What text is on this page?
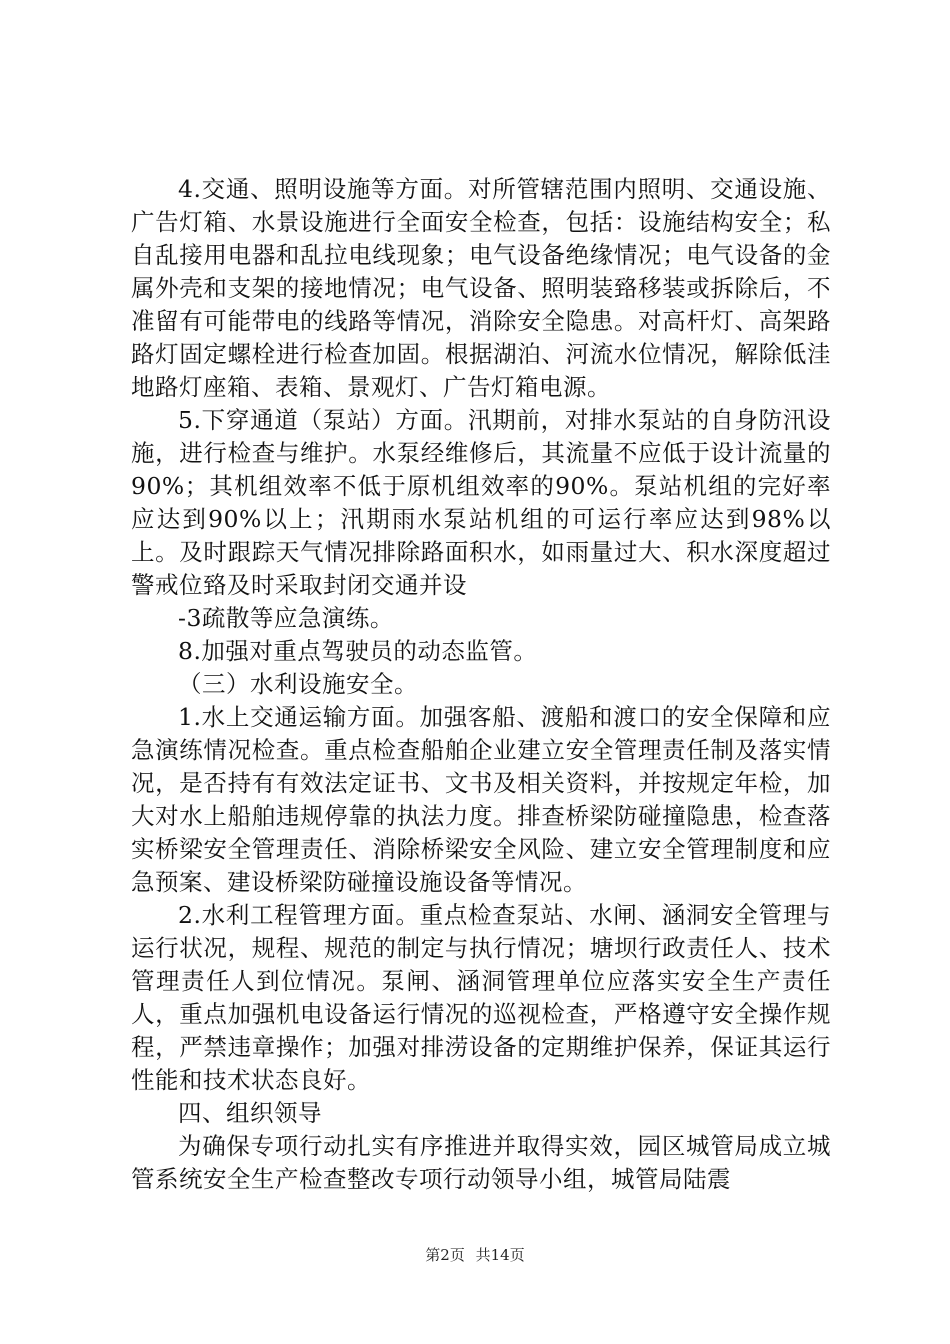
4.交通、照明设施等方面。对所管辖范围内照明、交通设施、广告灯箱、水景设施进行全面安全检查，包括：设施结构安全；私自乱接用电器和乱拉电线现象；电气设备绝缘情况；电气设备的金属外壳和支架的接地情况；电气设备、照明装臵移装或拆除后，不准留有可能带电的线路等情况，消除安全隐患。对高杆灯、高架路路灯固定螺栓进行检查加固。根据湖泊、河流水位情况，解除低洼地路灯座箱、表箱、景观灯、广告灯箱电源。

5.下穿通道（泵站）方面。汛期前，对排水泵站的自身防汛设施，进行检查与维护。水泵经维修后，其流量不应低于设计流量的90%；其机组效率不低于原机组效率的90%。泵站机组的完好率应达到90%以上；汛期雨水泵站机组的可运行率应达到98%以上。及时跟踪天气情况排除路面积水，如雨量过大、积水深度超过警戒位臵及时采取封闭交通并设

-3疏散等应急演练。

8.加强对重点驾驶员的动态监管。

（三）水利设施安全。

1.水上交通运输方面。加强客船、渡船和渡口的安全保障和应急演练情况检查。重点检查船舶企业建立安全管理责任制及落实情况，是否持有有效法定证书、文书及相关资料，并按规定年检，加大对水上船舶违规停靠的执法力度。排查桥梁防碰撞隐患，检查落实桥梁安全管理责任、消除桥梁安全风险、建立安全管理制度和应急预案、建设桥梁防碰撞设施设备等情况。

2.水利工程管理方面。重点检查泵站、水闸、涵洞安全管理与运行状况，规程、规范的制定与执行情况；塘坝行政责任人、技术管理责任人到位情况。泵闸、涵洞管理单位应落实安全生产责任人，重点加强机电设备运行情况的巡视检查，严格遵守安全操作规程，严禁违章操作；加强对排涝设备的定期维护保养，保证其运行性能和技术状态良好。

四、组织领导

为确保专项行动扎实有序推进并取得实效，园区城管局成立城管系统安全生产检查整改专项行动领导小组，城管局陆震

第2页 共14页
